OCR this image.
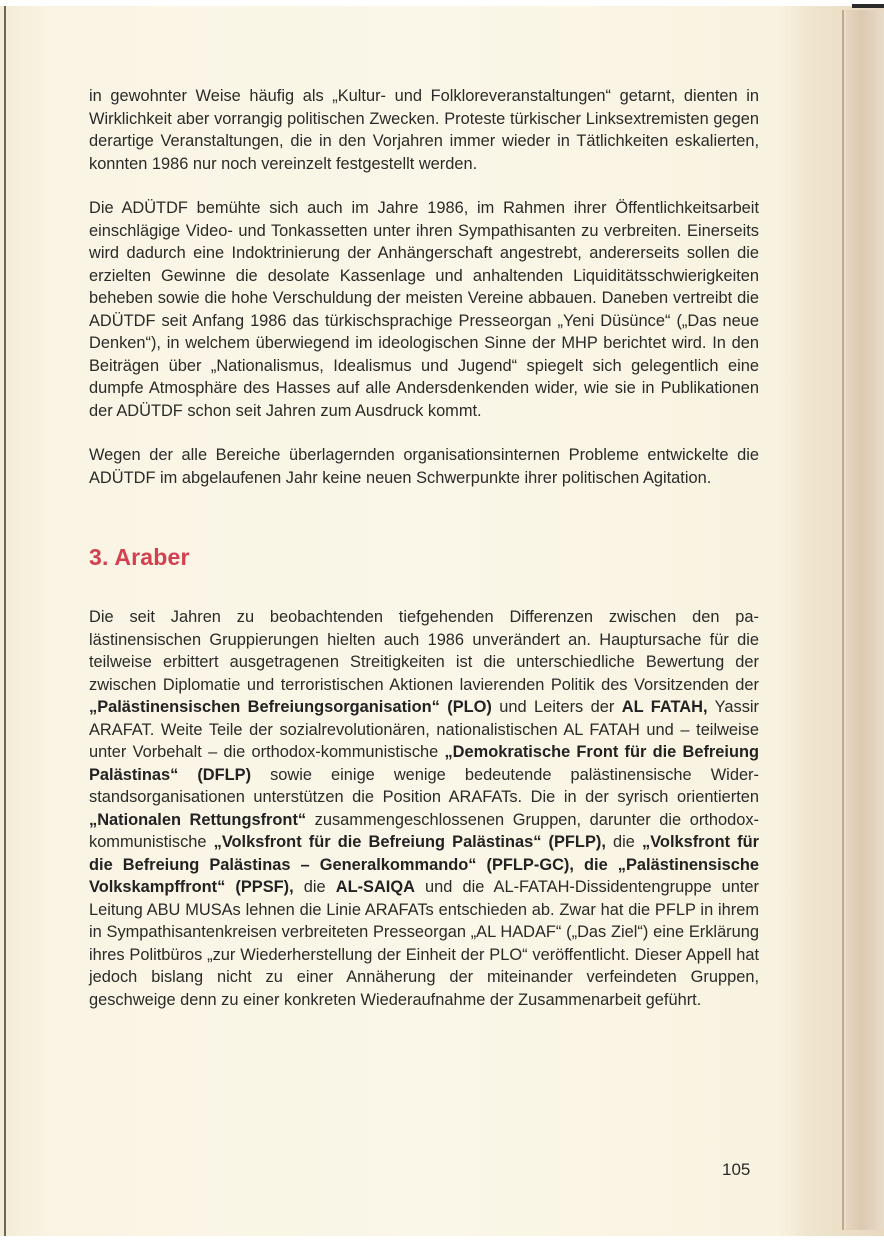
in gewohnter Weise häufig als „Kultur- und Folkloreveranstaltungen“ getarnt, dienten in Wirklichkeit aber vorrangig politischen Zwecken. Proteste türkischer Linksextremisten gegen derartige Veranstaltungen, die in den Vorjahren immer wieder in Tätlichkeiten eskalierten, konnten 1986 nur noch vereinzelt festgestellt werden.

Die ADÜTDF bemühte sich auch im Jahre 1986, im Rahmen ihrer Öffentlichkeitsarbeit einschlägige Video- und Tonkassetten unter ihren Sympathisanten zu verbreiten. Einerseits wird dadurch eine Indoktrinierung der Anhängerschaft angestrebt, andererseits sollen die erzielten Gewinne die desolate Kassenlage und anhaltenden Liquiditätsschwierigkeiten beheben sowie die hohe Verschuldung der meisten Vereine abbauen. Daneben vertreibt die ADÜTDF seit Anfang 1986 das türkischsprachige Presseorgan „Yeni Düsünce“ („Das neue Denken“), in welchem überwiegend im ideologischen Sinne der MHP berichtet wird. In den Beiträgen über „Nationalismus, Idealismus und Jugend“ spiegelt sich gelegentlich eine dumpfe Atmosphäre des Hasses auf alle Andersdenkenden wider, wie sie in Publikationen der ADÜTDF schon seit Jahren zum Ausdruck kommt.

Wegen der alle Bereiche überlagernden organisationsinternen Probleme entwickelte die ADÜTDF im abgelaufenen Jahr keine neuen Schwerpunkte ihrer politischen Agitation.

3. Araber

Die seit Jahren zu beobachtenden tiefgehenden Differenzen zwischen den palästinensischen Gruppierungen hielten auch 1986 unverändert an. Hauptursache für die teilweise erbittert ausgetragenen Streitigkeiten ist die unterschiedliche Bewertung der zwischen Diplomatie und terroristischen Aktionen lavierenden Politik des Vorsitzenden der „Palästinensischen Befreiungsorganisation“ (PLO) und Leiters der AL FATAH, Yassir ARAFAT. Weite Teile der sozialrevolutionären, nationalistischen AL FATAH und – teilweise unter Vorbehalt – die orthodox-kommunistische „Demokratische Front für die Befreiung Palästinas“ (DFLP) sowie einige wenige bedeutende palästinensische Widerstandsorganisationen unterstützen die Position ARAFATs. Die in der syrisch orientierten „Nationalen Rettungsfront“ zusammengeschlossenen Gruppen, darunter die orthodox-kommunistische „Volksfront für die Befreiung Palästinas“ (PFLP), die „Volksfront für die Befreiung Palästinas – Generalkommando“ (PFLP-GC), die „Palästinensische Volkskampffront“ (PPSF), die AL-SAIQA und die AL-FATAH-Dissidentengruppe unter Leitung ABU MUSAs lehnen die Linie ARAFATs entschieden ab. Zwar hat die PFLP in ihrem in Sympathisantenkreisen verbreiteten Presseorgan „AL HADAF“ („Das Ziel“) eine Erklärung ihres Politbüros „zur Wiederherstellung der Einheit der PLO“ veröffentlicht. Dieser Appell hat jedoch bislang nicht zu einer Annäherung der miteinander verfeindeten Gruppen, geschweige denn zu einer konkreten Wiederaufnahme der Zusammenarbeit geführt.

105
